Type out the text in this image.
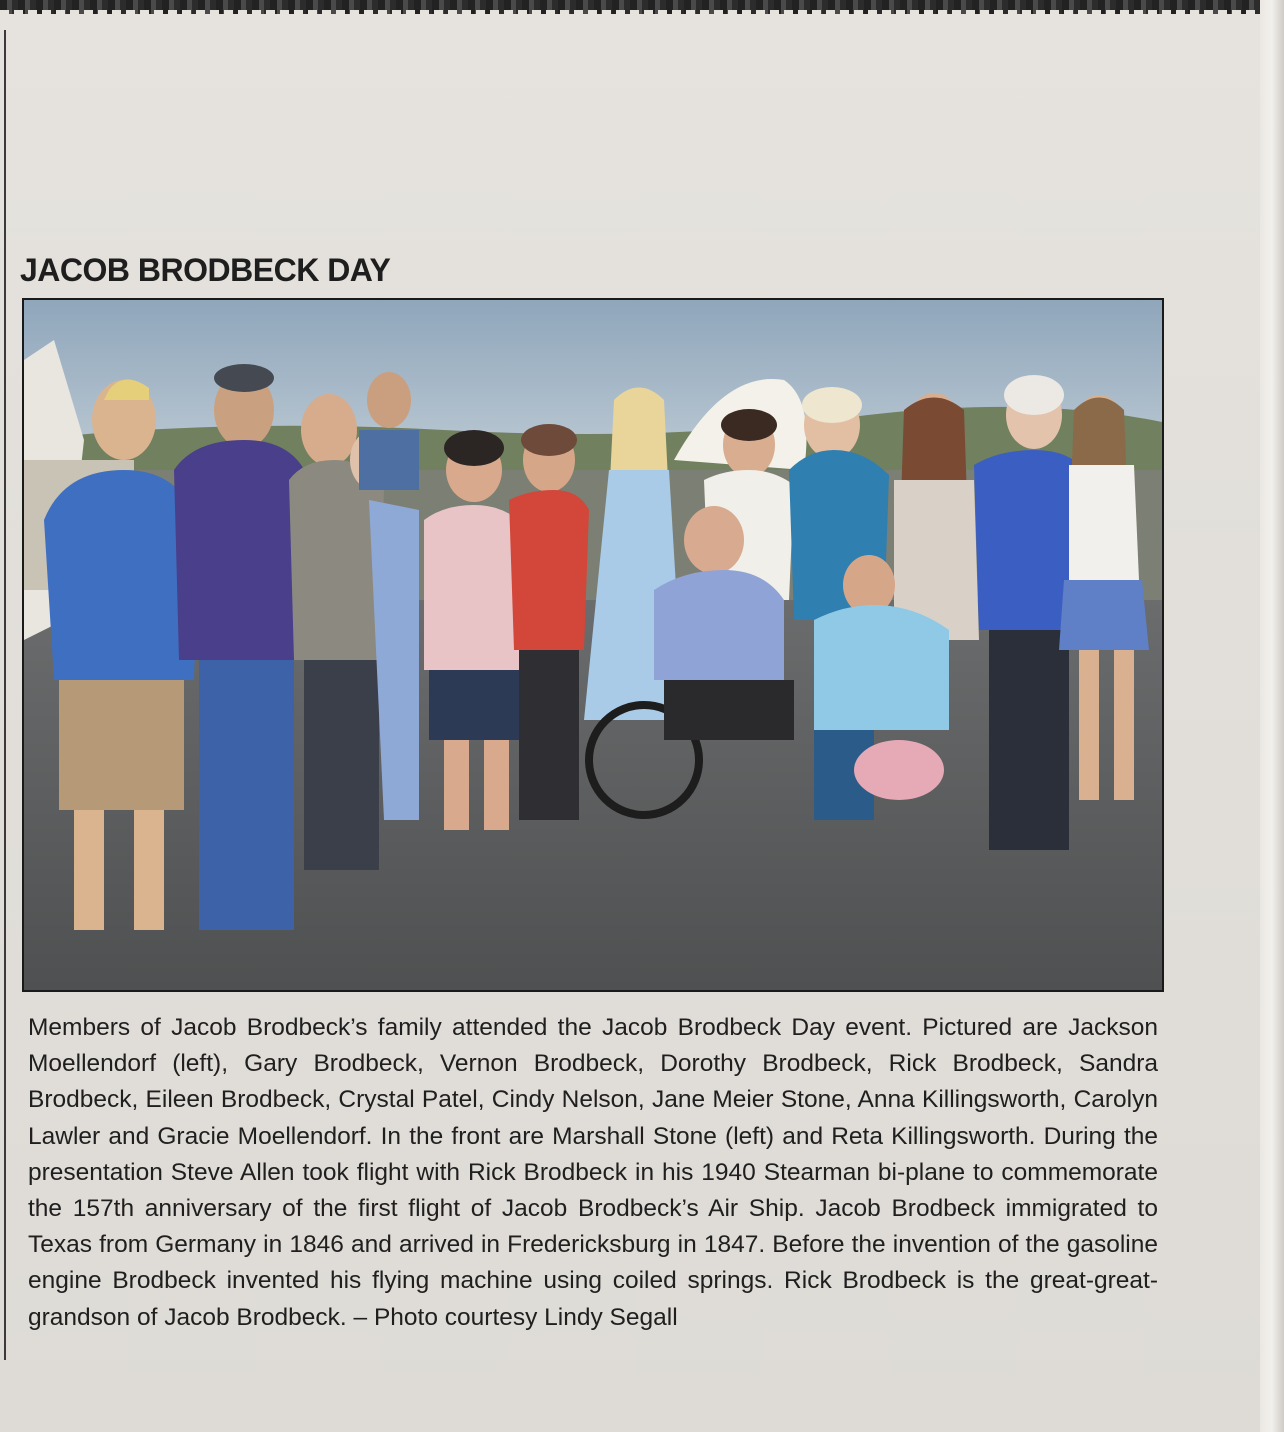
JACOB BRODBECK DAY

Members of Jacob Brodbeck’s family attended the Jacob Brodbeck Day event. Pictured are Jackson Moellendorf (left), Gary Brodbeck, Vernon Brodbeck, Dorothy Brodbeck, Rick Brodbeck, Sandra Brodbeck, Eileen Brodbeck, Crystal Patel, Cindy Nelson, Jane Meier Stone, Anna Killingsworth, Carolyn Lawler and Gracie Moellendorf. In the front are Marshall Stone (left) and Reta Killingsworth. During the presentation Steve Allen took flight with Rick Brodbeck in his 1940 Stearman bi-plane to commemorate the 157th anniversary of the first flight of Jacob Brodbeck’s Air Ship. Jacob Brodbeck immigrated to Texas from Germany in 1846 and arrived in Fredericksburg in 1847. Before the invention of the gasoline engine Brodbeck invented his flying machine using coiled springs. Rick Brodbeck is the great-great-grandson of Jacob Brodbeck. – Photo courtesy Lindy Segall
